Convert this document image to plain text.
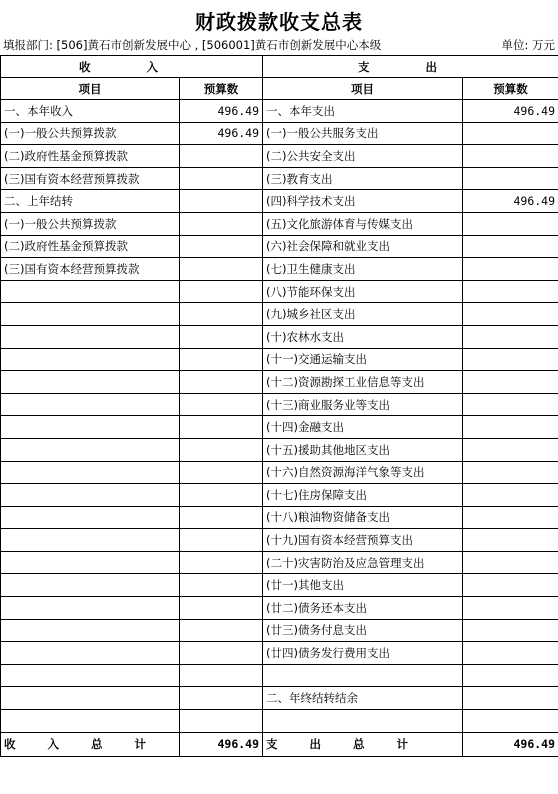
财政拨款收支总表
填报部门: [506]黄石市创新发展中心 , [506001]黄石市创新发展中心本级	单位: 万元
收 入		支 出	
项目	预算数	项目	预算数
一、本年收入	496.49	一、本年支出	496.49
(一)一般公共预算拨款	496.49	(一)一般公共服务支出	
(二)政府性基金预算拨款		(二)公共安全支出	
(三)国有资本经营预算拨款		(三)教育支出	
二、上年结转		(四)科学技术支出	496.49
(一)一般公共预算拨款		(五)文化旅游体育与传媒支出	
(二)政府性基金预算拨款		(六)社会保障和就业支出	
(三)国有资本经营预算拨款		(七)卫生健康支出	
		(八)节能环保支出	
		(九)城乡社区支出	
		(十)农林水支出	
		(十一)交通运输支出	
		(十二)资源勘探工业信息等支出	
		(十三)商业服务业等支出	
		(十四)金融支出	
		(十五)援助其他地区支出	
		(十六)自然资源海洋气象等支出	
		(十七)住房保障支出	
		(十八)粮油物资储备支出	
		(十九)国有资本经营预算支出	
		(二十)灾害防治及应急管理支出	
		(廿一)其他支出	
		(廿二)债务还本支出	
		(廿三)债务付息支出	
		(廿四)债务发行费用支出	

		二、年终结转结余	

收 入 总 计	496.49	支 出 总 计	496.49
